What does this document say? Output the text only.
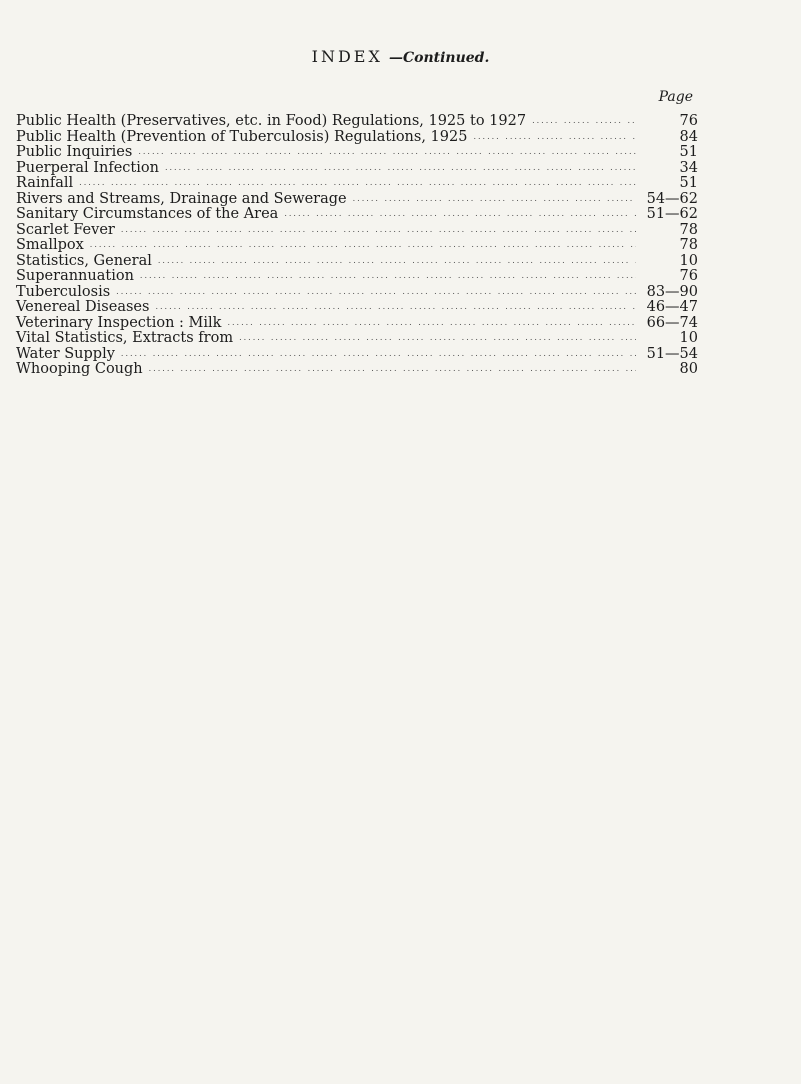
INDEX —Continued.
Page
Public Health (Preservatives, etc. in Food) Regulations, 1925 to 1927 .....	76
Public Health (Prevention of Tuberculosis) Regulations, 1925 .....	84
Public Inquiries .....	51
Puerperal Infection .....	34
Rainfall .....	51
Rivers and Streams, Drainage and Sewerage .....	54—62
Sanitary Circumstances of the Area .....	51—62
Scarlet Fever .....	78
Smallpox .....	78
Statistics, General .....	10
Superannuation .....	76
Tuberculosis .....	83—90
Venereal Diseases .....	46—47
Veterinary Inspection : Milk .....	66—74
Vital Statistics, Extracts from .....	10
Water Supply .....	51—54
Whooping Cough .....	80
